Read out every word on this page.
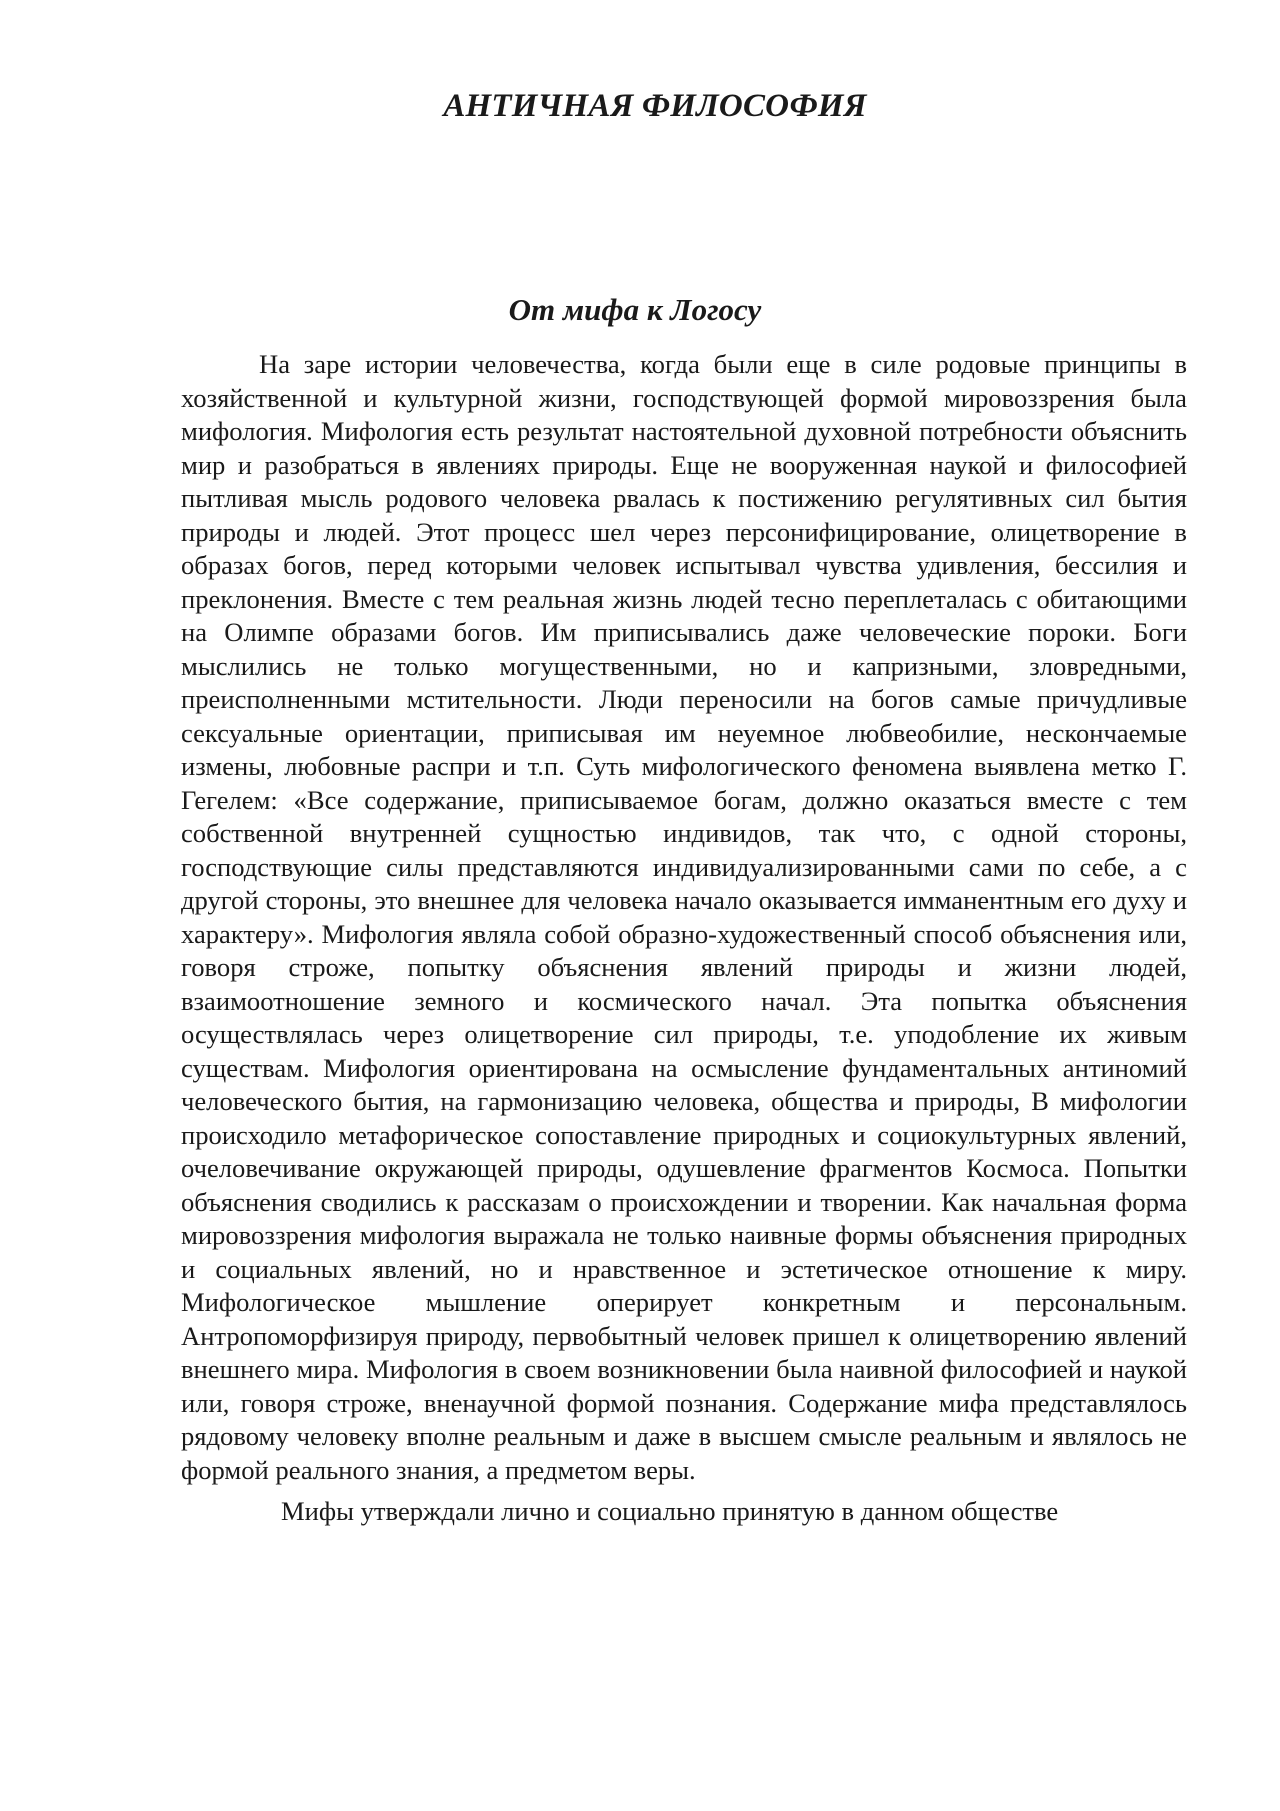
АНТИЧНАЯ ФИЛОСОФИЯ
От мифа к Логосу

На заре истории человечества, когда были еще в силе родовые принципы в хозяйственной и культурной жизни, господствующей формой мировоззрения была мифология. Мифология есть результат настоятельной духовной потребности объяснить мир и разобраться в явлениях природы. Еще не вооруженная наукой и философией пытливая мысль родового человека рвалась к постижению регулятивных сил бытия природы и людей. Этот процесс шел через персонифицирование, олицетворение в образах богов, перед которыми человек испытывал чувства удивления, бессилия и преклонения. Вместе с тем реальная жизнь людей тесно переплеталась с обитающими на Олимпе образами богов. Им приписывались даже человеческие пороки. Боги мыслились не только могущественными, но и капризными, зловредными, преисполненными мстительности. Люди переносили на богов самые причудливые сексуальные ориентации, приписывая им неуемное любвеобилие, нескончаемые измены, любовные распри и т.п. Суть мифологического феномена выявлена метко Г. Гегелем: «Все содержание, приписываемое богам, должно оказаться вместе с тем собственной внутренней сущностью индивидов, так что, с одной стороны, господствующие силы представляются индивидуализированными сами по себе, а с другой стороны, это внешнее для человека начало оказывается имманентным его духу и характеру». Мифология являла собой образно-художественный способ объяснения или, говоря строже, попытку объяснения явлений природы и жизни людей, взаимоотношение земного и космического начал. Эта попытка объяснения осуществлялась через олицетворение сил природы, т.е. уподобление их живым существам. Мифология ориентирована на осмысление фундаментальных антиномий человеческого бытия, на гармонизацию человека, общества и природы, В мифологии происходило метафорическое сопоставление природных и социокультурных явлений, очеловечивание окружающей природы, одушевление фрагментов Космоса. Попытки объяснения сводились к рассказам о происхождении и творении. Как начальная форма мировоззрения мифология выражала не только наивные формы объяснения природных и социальных явлений, но и нравственное и эстетическое отношение к миру. Мифологическое мышление оперирует конкретным и персональным. Антропоморфизируя природу, первобытный человек пришел к олицетворению явлений внешнего мира. Мифология в своем возникновении была наивной философией и наукой или, говоря строже, вненаучной формой познания. Содержание мифа представлялось рядовому человеку вполне реальным и даже в высшем смысле реальным и являлось не формой реального знания, а предметом веры.

Мифы утверждали лично и социально принятую в данном обществе
